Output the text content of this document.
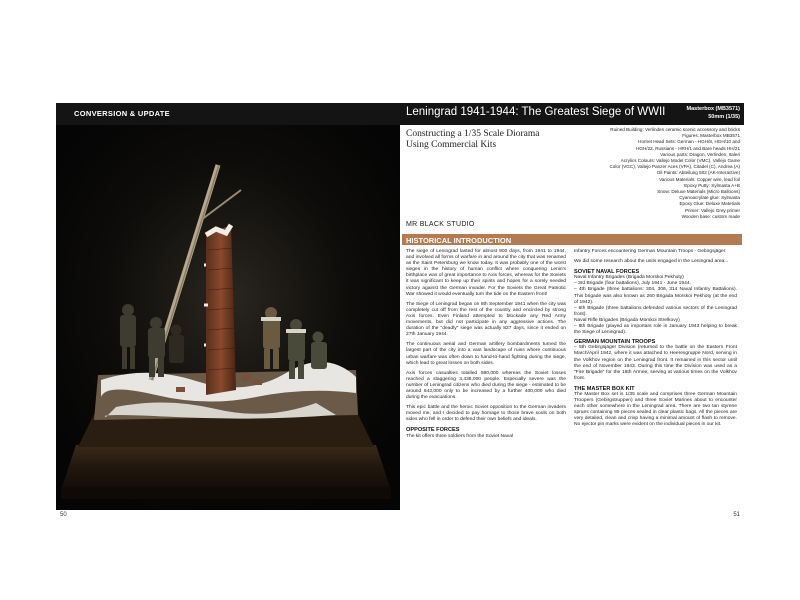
CONVERSION & UPDATE
50
Leningrad 1941-1944: The Greatest Siege of WWII	Masterbox (MB3571)
50mm (1/35)
Constructing a 1/35 Scale Diorama
Using Commercial Kits
Ruined Building: Verlinden ceramic scenic accessory and bricks
Figures: Masterbox MB3571
Hornet Head Sets: German - HGH/8, HGH/10 and
HGH/22. Russians - HRH/1 and Bare heads HH/21
Various parts: Dragon, Verlinden, Italeri
Acrylics Colours: Vallejo Model Color (VMC), Vallejo Game
Color (VGC), Vallejo Panzer Aces (VPA), Citadel (C), Andrea (A)
Oil Paints: Abteilung 502 (AK-Interactive)
Various Materials: Copper wire, lead foil
Epoxy Putty: Sylmasta A+B
Snow: Deluxe Materials (Micro Balloons)
Cyanoacrylate glue: Sylmasta
Epoxy Glue: Deluxe Materials
Primer: Vallejo Grey primer
Wooden base: custom made
MR BLACK STUDIO
HISTORICAL INTRODUCTION

The siege of Leningrad lasted for almost 900 days, from 1941 to 1944, and involved all forms of warfare in and around the city that was renamed as the Saint Petersburg we know today. It was probably one of the worst sieges in the history of human conflict where conquering Lenin's birthplace was of great importance to Axis forces, whereas for the Soviets it was significant to keep up their spirits and hopes for a sorely needed victory against the German invader. For the Soviets the Great Patriotic War showed it would eventually turn the tide on the Eastern front!

The Siege of Leningrad began on 8th September 1941 when the city was completely cut off from the rest of the country and encircled by strong Axis forces. Even Finland attempted to blockade any Red Army movements, but did not participate in any aggressive actions. The duration of the "deadly" siege was actually 827 days, since it ended on 27th January 1944.

The continuous aerial and German artillery bombardments turned the largest part of the city into a vast landscape of ruins where continuous urban warfare was often down to hand-to-hand fighting during the siege, which lead to great losses on both sides.

Axis forces casualties totalled 580,000 whereas the Soviet losses reached a staggering 3,436,000 people. Especially severe was the number of Leningrad citizens who died during the siege - estimated to be around 642,000 only to be increased by a further 400,000 who died during the evacuations.

This epic battle and the heroic Soviet opposition to the German invaders moved me, and I decided to pay homage to those brave souls on both sides who fell in order to defend their own beliefs and ideals.

OPPOSITE FORCES

The kit offers three soldiers from the Soviet Naval

Infantry Forces encountering German Mountain Troops - Gebirgsjäger.

We did some research about the units engaged in the Leningrad area...

SOVIET NAVAL FORCES
Naval Infantry Brigades (Brigada Morskoi Pekhoty)
– 3rd Brigade (four battalions), July 1941 - June 1944.
– 4th Brigade (three battalions: 304, 306, 314 Naval Infantry Battalions). This brigade was also known as 260 Brigada Morskoi Pekhoty (at the end of 1942).
– 6th Brigade (three battalions defended various sectors of the Leningrad front).
Naval Rifle Brigades (Brigada Morskoi Strelkovy)
– 8th Brigade (played an important role in January 1943 helping to break the Siege of Leningrad).
GERMAN MOUNTAIN TROOPS

– 5th Gebirgsjäger Division (returned to the battle on the Eastern Front March/April 1942, where it was attached to Heeresgruppe Nord, serving in the Volkhov region on the Leningrad front. It remained in this sector until the end of November 1943. During this time the Division was used as a "Fire Brigade" for the 18th Armee, serving at various times on the Volkhov front.

THE MASTER BOX KIT

The Master Box set is 1/35 scale and comprises three German Mountain Troopers (Gebirgstruppen) and three Soviet Marines about to encounter each other somewhere in the Leningrad area. There are two tan styrene sprues containing 85 pieces sealed in clear plastic bags. All the pieces are very detailed, clean and crisp having a minimal amount of flash to remove. No ejector pin marks were evident on the individual pieces in our kit.

51
